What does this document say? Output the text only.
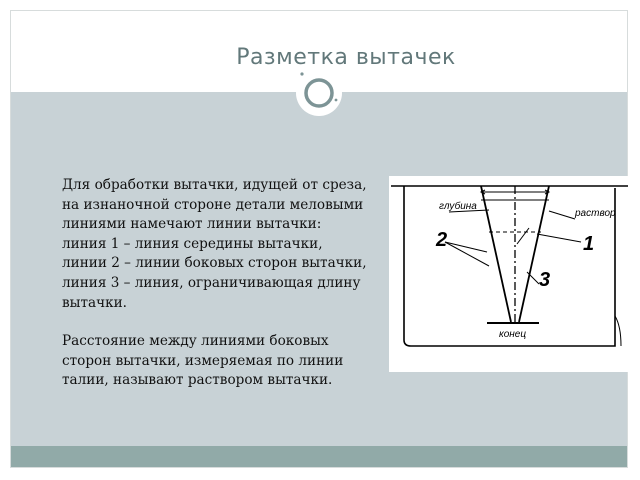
Разметка вытачек

Для обработки вытачки, идущей от среза, на изнаночной стороне детали меловыми линиями намечают линии вытачки: линия 1 – линия середины вытачки,
линии 2 – линии боковых сторон вытачки,
линия 3 – линия, ограничивающая длину вытачки.

Расстояние между линиями боковых сторон вытачки, измеряемая по линии талии, называют раствором вытачки.

глубина
раствор
конец
2	1
3
